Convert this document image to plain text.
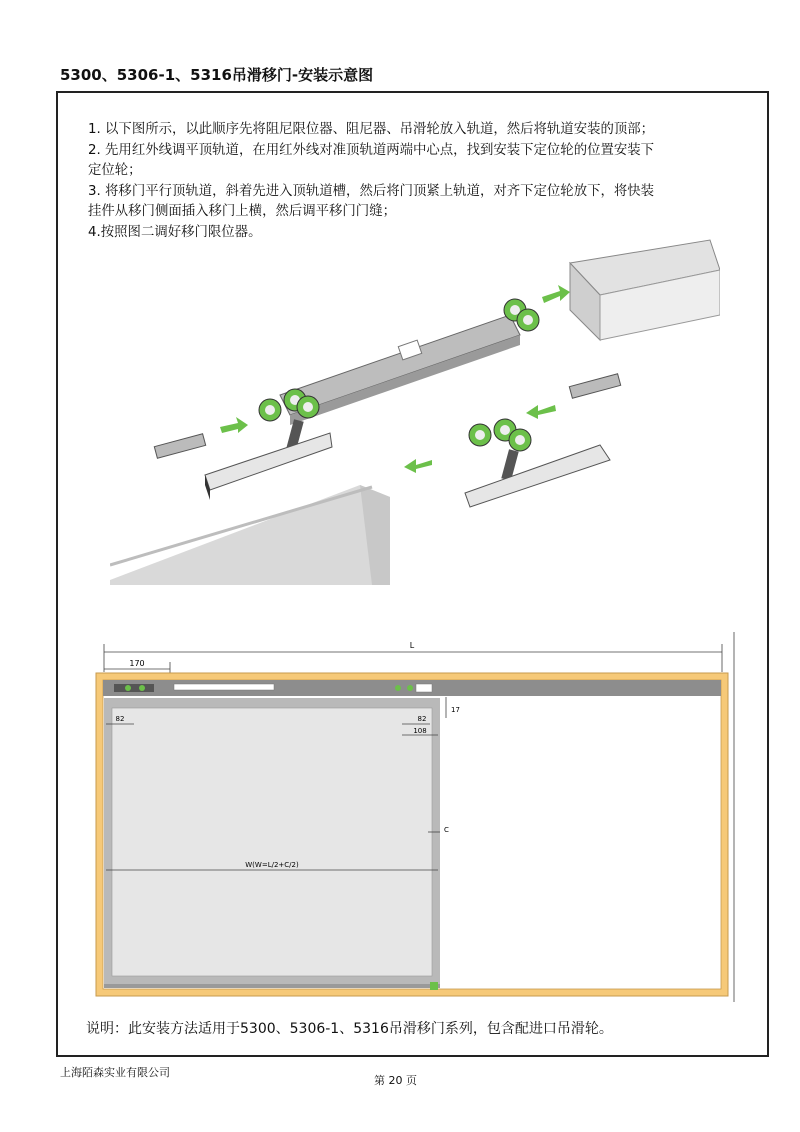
5300、5306-1、5316吊滑移门-安装示意图
1. 以下图所示，以此顺序先将阻尼限位器、阻尼器、吊滑轮放入轨道，然后将轨道安装的顶部；
2. 先用红外线调平顶轨道，在用红外线对准顶轨道两端中心点，找到安装下定位轮的位置安装下
定位轮；
3. 将移门平行顶轨道，斜着先进入顶轨道槽，然后将门顶紧上轨道，对齐下定位轮放下，将快装
挂件从移门侧面插入移门上横，然后调平移门门缝；
4.按照图二调好移门限位器。
L
170
82	82
108
17
C
W(W=L/2+C/2)
说明：此安装方法适用于5300、5306-1、5316吊滑移门系列，包含配进口吊滑轮。
上海陌森实业有限公司
第 20 页
